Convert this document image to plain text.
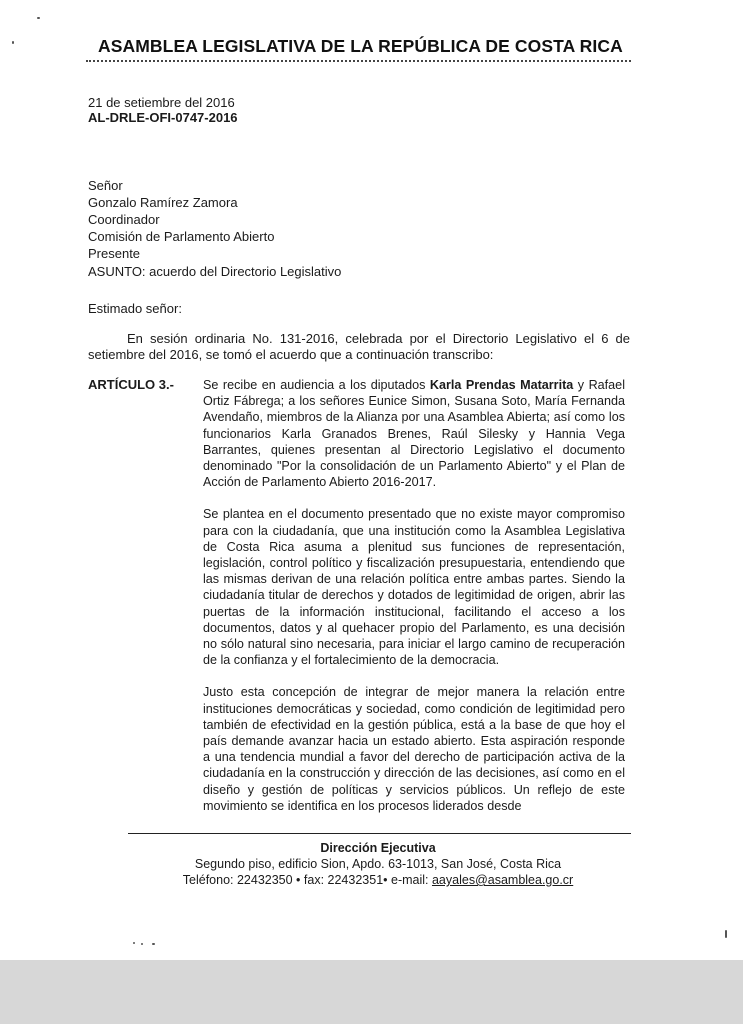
ASAMBLEA LEGISLATIVA DE LA REPÚBLICA DE COSTA RICA
21 de setiembre del 2016
AL-DRLE-OFI-0747-2016
Señor
Gonzalo Ramírez Zamora
Coordinador
Comisión de Parlamento Abierto
Presente
ASUNTO: acuerdo del Directorio Legislativo
Estimado señor:
En sesión ordinaria No. 131-2016, celebrada por el Directorio Legislativo el 6 de setiembre del 2016, se tomó el acuerdo que a continuación transcribo:
ARTÍCULO 3.- Se recibe en audiencia a los diputados Karla Prendas Matarrita y Rafael Ortiz Fábrega; a los señores Eunice Simon, Susana Soto, María Fernanda Avendaño, miembros de la Alianza por una Asamblea Abierta; así como los funcionarios Karla Granados Brenes, Raúl Silesky y Hannia Vega Barrantes, quienes presentan al Directorio Legislativo el documento denominado "Por la consolidación de un Parlamento Abierto" y el Plan de Acción de Parlamento Abierto 2016-2017.

Se plantea en el documento presentado que no existe mayor compromiso para con la ciudadanía, que una institución como la Asamblea Legislativa de Costa Rica asuma a plenitud sus funciones de representación, legislación, control político y fiscalización presupuestaria, entendiendo que las mismas derivan de una relación política entre ambas partes. Siendo la ciudadanía titular de derechos y dotados de legitimidad de origen, abrir las puertas de la información institucional, facilitando el acceso a los documentos, datos y al quehacer propio del Parlamento, es una decisión no sólo natural sino necesaria, para iniciar el largo camino de recuperación de la confianza y el fortalecimiento de la democracia.

Justo esta concepción de integrar de mejor manera la relación entre instituciones democráticas y sociedad, como condición de legitimidad pero también de efectividad en la gestión pública, está a la base de que hoy el país demande avanzar hacia un estado abierto. Esta aspiración responde a una tendencia mundial a favor del derecho de participación activa de la ciudadanía en la construcción y dirección de las decisiones, así como en el diseño y gestión de políticas y servicios públicos. Un reflejo de este movimiento se identifica en los procesos liderados desde

Dirección Ejecutiva
Segundo piso, edificio Sion, Apdo. 63-1013, San José, Costa Rica
Teléfono: 22432350 • fax: 22432351• e-mail: aayales@asamblea.go.cr
